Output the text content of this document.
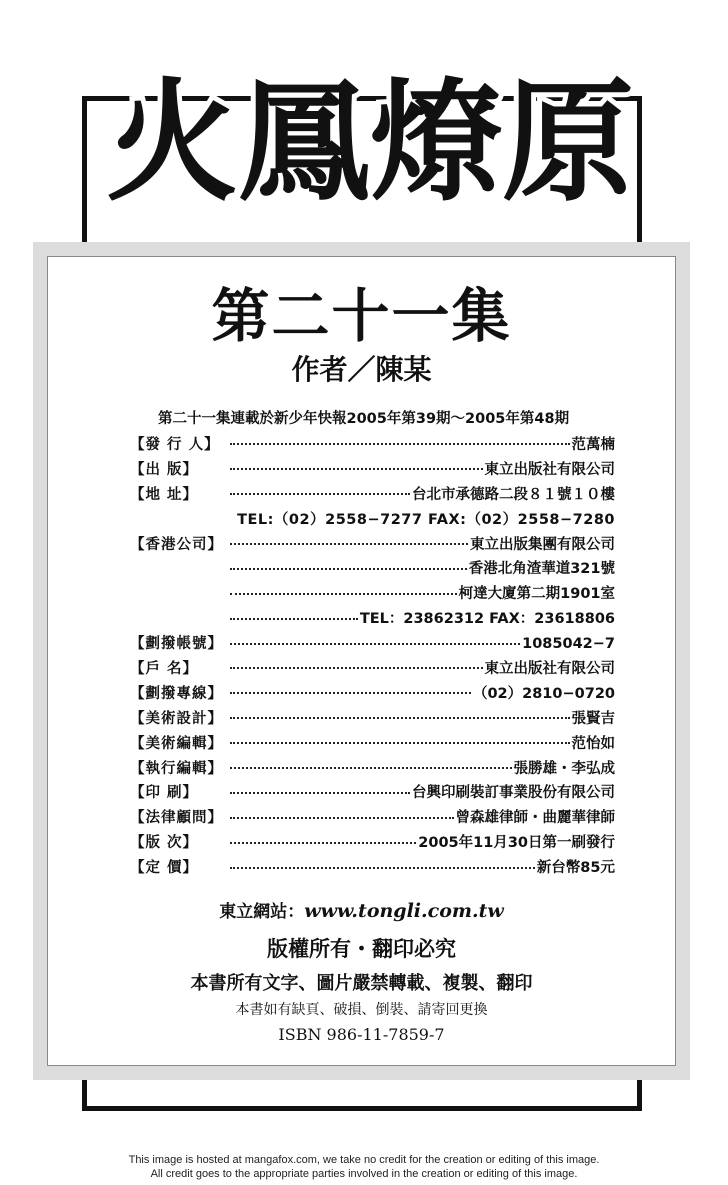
火鳳燎原
第二十一集
作者／陳某
第二十一集連載於新少年快報2005年第39期～2005年第48期
【發 行 人】	范萬楠
【出 版】	東立出版社有限公司
【地 址】	台北市承德路二段８１號１０樓
TEL:（02）2558−7277 FAX:（02）2558−7280
【香港公司】	東立出版集團有限公司
香港北角渣華道321號
柯達大廈第二期1901室
TEL：23862312 FAX：23618806
【劃撥帳號】	1085042−7
【戶 名】	東立出版社有限公司
【劃撥專線】	（02）2810−0720
【美術設計】	張賢吉
【美術編輯】	范怡如
【執行編輯】	張勝雄・李弘成
【印 刷】	台興印刷裝訂事業股份有限公司
【法律顧問】	曾森雄律師・曲麗華律師
【版 次】	2005年11月30日第一刷發行
【定 價】	新台幣85元
東立網站：www.tongli.com.tw
版權所有・翻印必究
本書所有文字、圖片嚴禁轉載、複製、翻印
本書如有缺頁、破損、倒裝、請寄回更換
ISBN 986-11-7859-7
This image is hosted at mangafox.com, we take no credit for the creation or editing of this image.
All credit goes to the appropriate parties involved in the creation or editing of this image.
